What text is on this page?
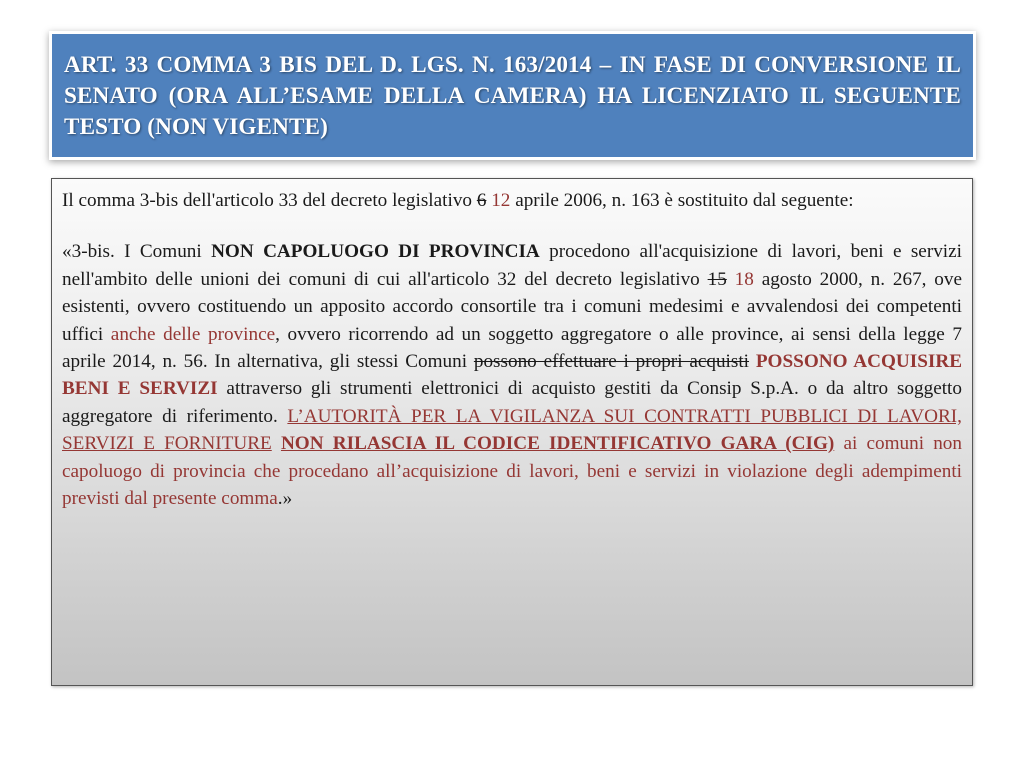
ART. 33 COMMA 3 BIS DEL D. LGS. N. 163/2014 – IN FASE DI CONVERSIONE IL SENATO (ORA ALL’ESAME DELLA CAMERA) HA LICENZIATO IL SEGUENTE TESTO (NON VIGENTE)

Il comma 3-bis dell'articolo 33 del decreto legislativo 6 12 aprile 2006, n. 163 è sostituito dal seguente:

«3-bis. I Comuni NON CAPOLUOGO DI PROVINCIA procedono all'acquisizione di lavori, beni e servizi nell'ambito delle unioni dei comuni di cui all'articolo 32 del decreto legislativo 15 18 agosto 2000, n. 267, ove esistenti, ovvero costituendo un apposito accordo consortile tra i comuni medesimi e avvalendosi dei competenti uffici anche delle province, ovvero ricorrendo ad un soggetto aggregatore o alle province, ai sensi della legge 7 aprile 2014, n. 56. In alternativa, gli stessi Comuni possono effettuare i propri acquisti POSSONO ACQUISIRE BENI E SERVIZI attraverso gli strumenti elettronici di acquisto gestiti da Consip S.p.A. o da altro soggetto aggregatore di riferimento. L’AUTORITÀ PER LA VIGILANZA SUI CONTRATTI PUBBLICI DI LAVORI, SERVIZI E FORNITURE NON RILASCIA IL CODICE IDENTIFICATIVO GARA (CIG) ai comuni non capoluogo di provincia che procedano all’acquisizione di lavori, beni e servizi in violazione degli adempimenti previsti dal presente comma.»
